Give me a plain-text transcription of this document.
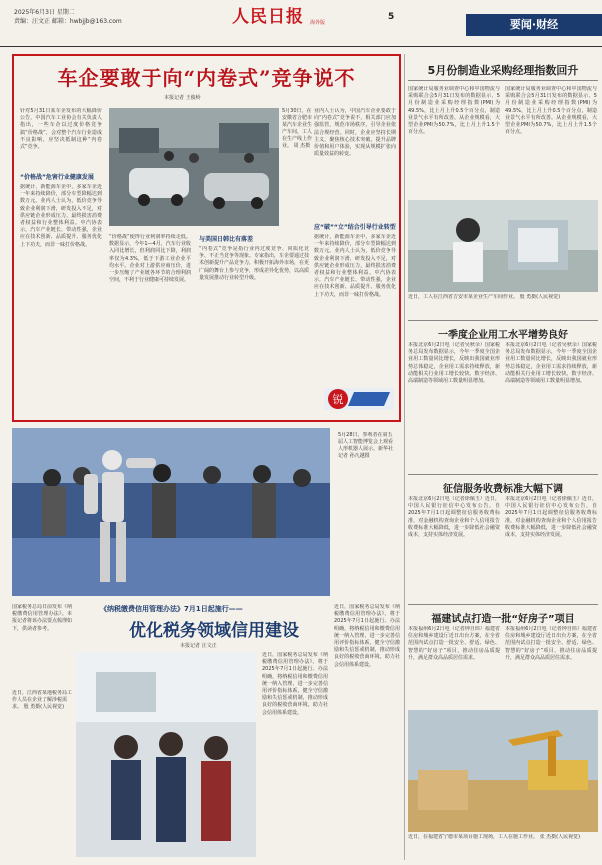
2025年6月3日 星期二
责编：汪文正 邮箱：hwbjjb@163.com	人民日报 海外版
5
要闻·财经
车企要敢于向“内卷式”竞争说不
本报记者 王俊岭
针对5月31日某车企发布的大幅降价公告，中国汽车工业协会有关负责人指出，一些车企以过度价格竞争搞“价格战”，会对整个汽车行业造成不良影响，应坚决抵制这种“内卷式”竞争。
“价格战”危害行业健康发展
据统计，新能源车企中，多家车企近一年来持续降价，部分车型降幅达到数万元。业内人士认为，低价竞争导致企业利润下滑，研发投入不足，对供应链企业形成压力，最终损害消费者权益和行业整体利益。中汽协表示，汽车产业链长、带动性强，企业应在技术创新、品质提升、服务优化上下功夫，而非一味打价格战。
5月30日，在安徽省合肥市某汽车企业生产车间，工人在生产线上作业。 周 杰摄
业内人士认为，中国汽车企业要敢于向“内卷式”竞争说不，相关部门应加强监管，规范市场秩序，引导企业依法合规经营。同时，企业应坚持长期主义，聚焦核心技术突破，提升品牌价值和用户体验，实现从规模扩张向质量效益的转变。
应“破”“立”结合引导行业转型
“价格战”使得行业利润率持续走低。数据显示，今年1—4月，汽车行业收入同比增长，但利润同比下降，利润率仅为4.3%，低于下游工业企业平均水平。企业对上游供应商压价，进一步压缩了产业链各环节的合理利润空间，不利于行业健康可持续发展。
与美国日韩比有落差
“内卷式”竞争是指行业内过度竞争、同质化竞争、不正当竞争等现象。专家指出，车企要通过技术创新提升产品竞争力，积极开拓海外市场，在更广阔的舞台上参与竞争，形成差异化优势，以高质量发展推动行业转型升级。
据统计，新能源车企中，多家车企近一年来持续降价，部分车型降幅达到数万元。业内人士认为，低价竞争导致企业利润下滑，研发投入不足，对供应链企业形成压力，最终损害消费者权益和行业整体利益。中汽协表示，汽车产业链长、带动性强，企业应在技术创新、品质提升、服务优化上下功夫，而非一味打价格战。
锐
5月28日，参观者在第五届人工智能博览会上观看人形机器人展示。新华社记者 孙凡越摄
国家税务总局日前发布《纳税缴费信用管理办法》。本报记者将该办法要点梳理如下，供读者参考。
《纳税缴费信用管理办法》7月1日起施行——
优化税务领域信用建设
本报记者 汪文正
近日，江西省某地税务局工作人员在企业了解涉税需求。 殷 勇摄(人民视觉)
近日，国家税务总局发布《纳税缴费信用管理办法》，将于2025年7月1日起施行。办法明确，将纳税信用和缴费信用统一纳入管理，进一步完善信用评价指标体系，健全守信激励和失信惩戒机制，推动形成良好的税收营商环境，助力社会信用体系建设。
近日，国家税务总局发布《纳税缴费信用管理办法》，将于2025年7月1日起施行。办法明确，将纳税信用和缴费信用统一纳入管理，进一步完善信用评价指标体系，健全守信激励和失信惩戒机制，推动形成良好的税收营商环境，助力社会信用体系建设。
5月份制造业采购经理指数回升
国家统计局服务业调查中心和中国物流与采购联合会5月31日发布的数据显示，5月份制造业采购经理指数(PMI)为49.5%，比上月上升0.5个百分点，制造业景气水平有所改善。从企业规模看，大型企业PMI为50.7%，比上月上升1.5个百分点。
国家统计局服务业调查中心和中国物流与采购联合会5月31日发布的数据显示，5月份制造业采购经理指数(PMI)为49.5%，比上月上升0.5个百分点，制造业景气水平有所改善。从企业规模看，大型企业PMI为50.7%，比上月上升1.5个百分点。
近日，工人在江西省吉安市某企业生产车间作业。 殷 勇摄(人民视觉)
一季度企业用工水平增势良好
本报北京6月2日电（记者吴秋余）国家税务总局发布数据显示，今年一季度全国企业用工数量同比增长，反映出我国就业形势总体稳定，企业用工需求持续释放，新动能相关行业用工增长较快。数字经济、高端制造等领域用工数量明显增加。
本报北京6月2日电（记者吴秋余）国家税务总局发布数据显示，今年一季度全国企业用工数量同比增长，反映出我国就业形势总体稳定，企业用工需求持续释放，新动能相关行业用工增长较快。数字经济、高端制造等领域用工数量明显增加。
征信服务收费标准大幅下调
本报北京6月2日电（记者徐佩玉）近日，中国人民银行征信中心发布公告，自2025年7月1日起调整征信服务收费标准，对金融机构查询企业和个人信用报告收费标准大幅降低，进一步降低社会融资成本，支持实体经济发展。
本报北京6月2日电（记者徐佩玉）近日，中国人民银行征信中心发布公告，自2025年7月1日起调整征信服务收费标准，对金融机构查询企业和个人信用报告收费标准大幅降低，进一步降低社会融资成本，支持实体经济发展。
福建试点打造一批“好房子”项目
本报福州6月2日电（记者钟自炜）福建省住房和城乡建设厅近日出台方案，在全省范围内试点打造一批安全、舒适、绿色、智慧的“好房子”项目，推动住房品质提升，满足群众高品质居住需求。
本报福州6月2日电（记者钟自炜）福建省住房和城乡建设厅近日出台方案，在全省范围内试点打造一批安全、舒适、绿色、智慧的“好房子”项目，推动住房品质提升，满足群众高品质居住需求。
近日，在福建省宁德市某项目施工现场，工人在施工作业。 张 杰摄(人民视觉)
